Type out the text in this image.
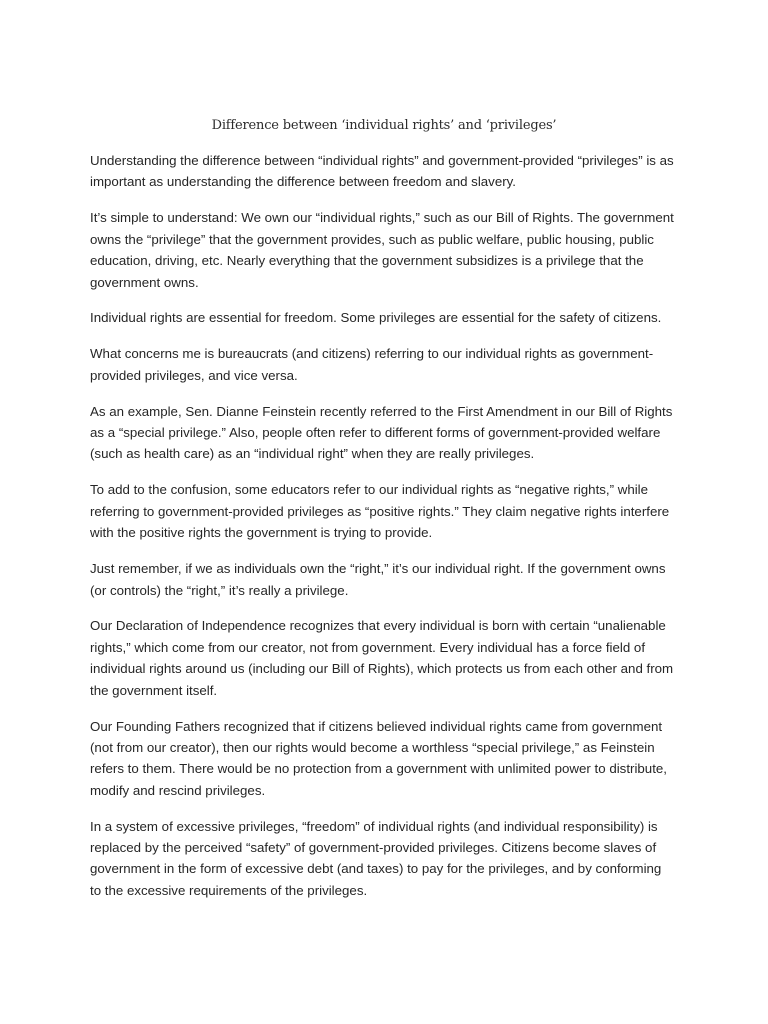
Difference between ‘individual rights’ and ‘privileges’

Understanding the difference between “individual rights” and government-provided “privileges” is as important as understanding the difference between freedom and slavery.

It’s simple to understand: We own our “individual rights,” such as our Bill of Rights. The government owns the “privilege” that the government provides, such as public welfare, public housing, public education, driving, etc. Nearly everything that the government subsidizes is a privilege that the government owns.

Individual rights are essential for freedom. Some privileges are essential for the safety of citizens.

What concerns me is bureaucrats (and citizens) referring to our individual rights as government-provided privileges, and vice versa.

As an example, Sen. Dianne Feinstein recently referred to the First Amendment in our Bill of Rights as a “special privilege.” Also, people often refer to different forms of government-provided welfare (such as health care) as an “individual right” when they are really privileges.

To add to the confusion, some educators refer to our individual rights as “negative rights,” while referring to government-provided privileges as “positive rights.” They claim negative rights interfere with the positive rights the government is trying to provide.

Just remember, if we as individuals own the “right,” it’s our individual right. If the government owns (or controls) the “right,” it’s really a privilege.

Our Declaration of Independence recognizes that every individual is born with certain “unalienable rights,” which come from our creator, not from government. Every individual has a force field of individual rights around us (including our Bill of Rights), which protects us from each other and from the government itself.

Our Founding Fathers recognized that if citizens believed individual rights came from government (not from our creator), then our rights would become a worthless “special privilege,” as Feinstein refers to them. There would be no protection from a government with unlimited power to distribute, modify and rescind privileges.

In a system of excessive privileges, “freedom” of individual rights (and individual responsibility) is replaced by the perceived “safety” of government-provided privileges. Citizens become slaves of government in the form of excessive debt (and taxes) to pay for the privileges, and by conforming to the excessive requirements of the privileges.
